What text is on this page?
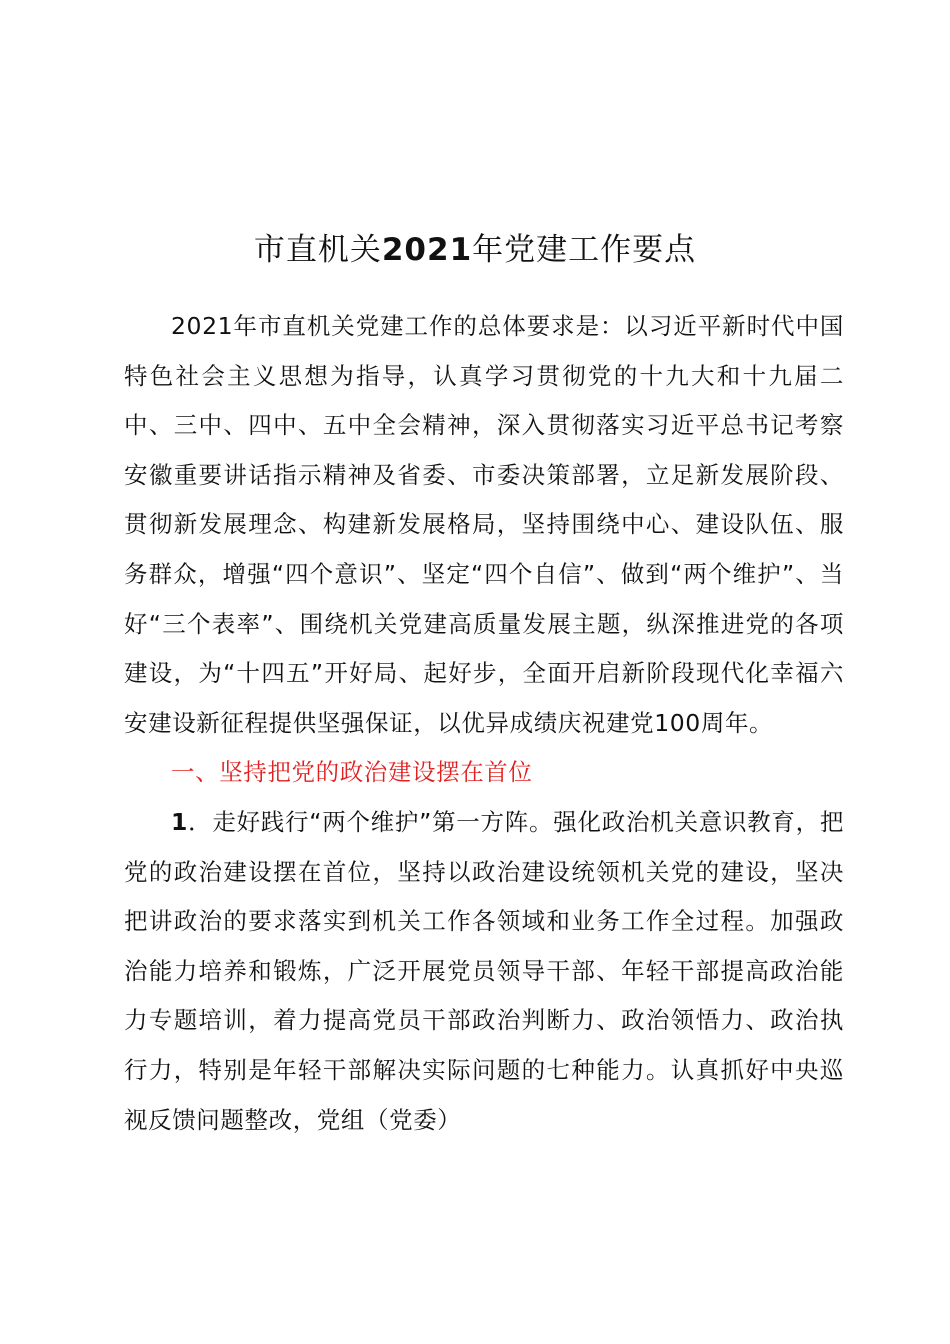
市直机关2021年党建工作要点

2021年市直机关党建工作的总体要求是：以习近平新时代中国特色社会主义思想为指导，认真学习贯彻党的十九大和十九届二中、三中、四中、五中全会精神，深入贯彻落实习近平总书记考察安徽重要讲话指示精神及省委、市委决策部署，立足新发展阶段、贯彻新发展理念、构建新发展格局，坚持围绕中心、建设队伍、服务群众，增强“四个意识”、坚定“四个自信”、做到“两个维护”、当好“三个表率”、围绕机关党建高质量发展主题，纵深推进党的各项建设，为“十四五”开好局、起好步，全面开启新阶段现代化幸福六安建设新征程提供坚强保证，以优异成绩庆祝建党100周年。

一、坚持把党的政治建设摆在首位

1．走好践行“两个维护”第一方阵。强化政治机关意识教育，把党的政治建设摆在首位，坚持以政治建设统领机关党的建设，坚决把讲政治的要求落实到机关工作各领域和业务工作全过程。加强政治能力培养和锻炼，广泛开展党员领导干部、年轻干部提高政治能力专题培训，着力提高党员干部政治判断力、政治领悟力、政治执行力，特别是年轻干部解决实际问题的七种能力。认真抓好中央巡视反馈问题整改，党组（党委）
